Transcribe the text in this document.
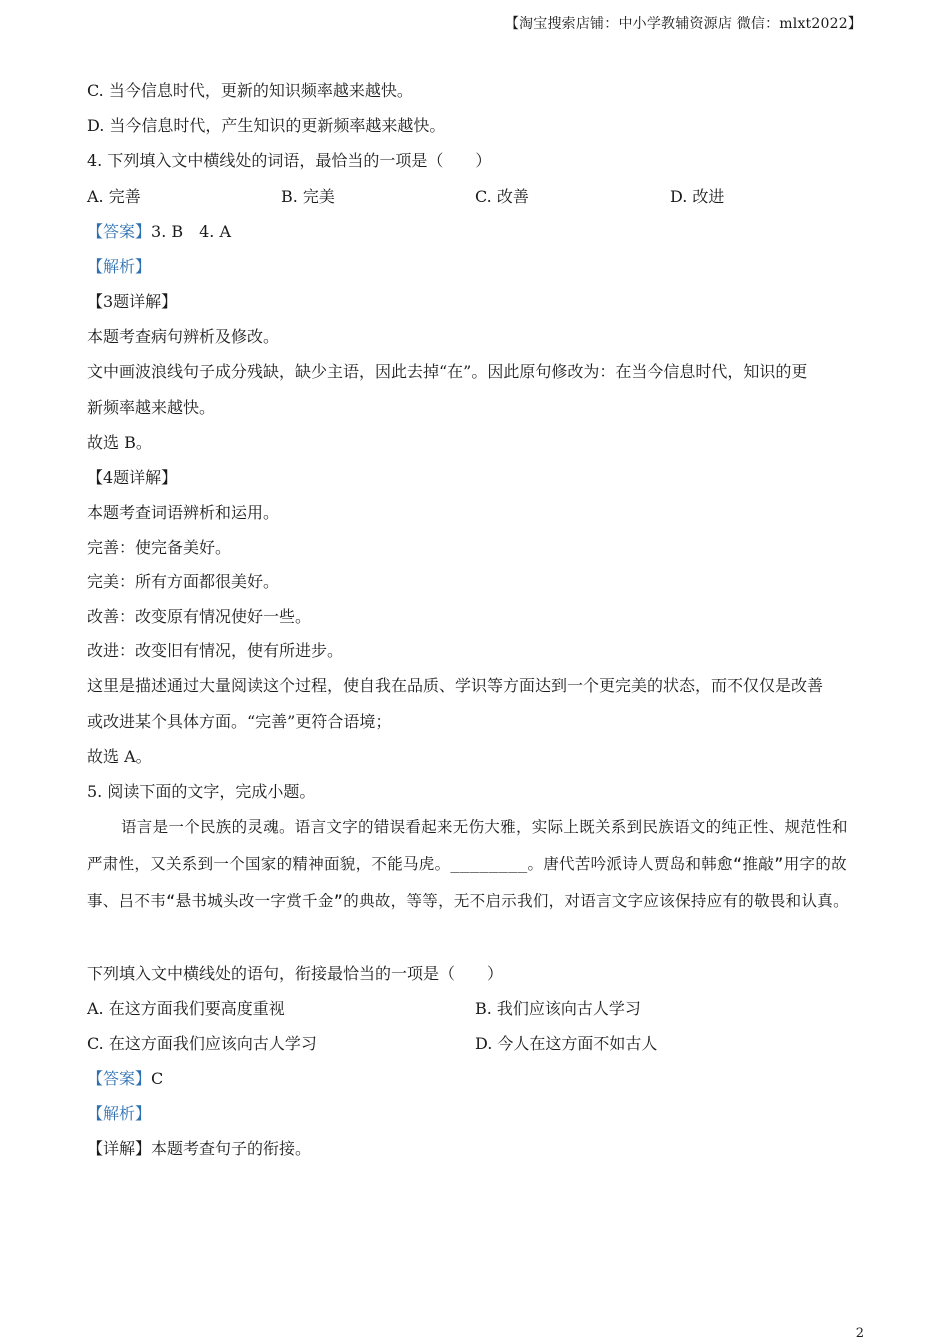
【淘宝搜索店铺：中小学教辅资源店 微信：mlxt2022】
C. 当今信息时代，更新的知识频率越来越快。
D. 当今信息时代，产生知识的更新频率越来越快。
4. 下列填入文中横线处的词语，最恰当的一项是（　　）
A. 完善	B. 完美	C. 改善	D. 改进
【答案】3. B　4. A
【解析】
【3题详解】
本题考查病句辨析及修改。
文中画波浪线句子成分残缺，缺少主语，因此去掉“在”。因此原句修改为：在当今信息时代，知识的更
新频率越来越快。
故选 B。
【4题详解】
本题考查词语辨析和运用。
完善：使完备美好。
完美：所有方面都很美好。
改善：改变原有情况使好一些。
改进：改变旧有情况，使有所进步。
这里是描述通过大量阅读这个过程，使自我在品质、学识等方面达到一个更完美的状态，而不仅仅是改善
或改进某个具体方面。“完善”更符合语境；
故选 A。
5. 阅读下面的文字，完成小题。
语言是一个民族的灵魂。语言文字的错误看起来无伤大雅，实际上既关系到民族语文的纯正性、规范性和严肃性，又关系到一个国家的精神面貌，不能马虎。________。唐代苦吟派诗人贾岛和韩愈“推敲”用字的故事、吕不韦“悬书城头改一字赏千金”的典故，等等，无不启示我们，对语言文字应该保持应有的敬畏和认真。
下列填入文中横线处的语句，衔接最恰当的一项是（　　）
A. 在这方面我们要高度重视	B. 我们应该向古人学习
C. 在这方面我们应该向古人学习	D. 今人在这方面不如古人
【答案】C
【解析】
【详解】本题考查句子的衔接。
2
